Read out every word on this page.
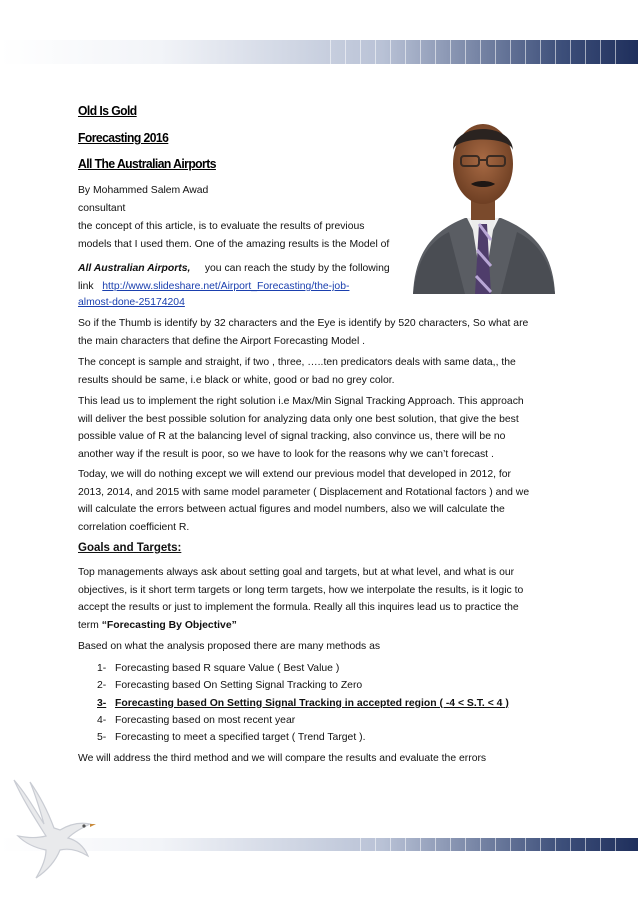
Old Is Gold
Forecasting 2016
All The Australian Airports
By Mohammed Salem Awad
consultant
the concept of this article, is to evaluate the results of previous
models that I used them. One of the amazing results is the Model of
All Australian Airports, you can reach the study by the following
link http://www.slideshare.net/Airport_Forecasting/the-job-
almost-done-25174204
So if the Thumb is identify by 32 characters and the Eye is identify by 520 characters, So what are
the main characters that define the Airport Forecasting Model .
The concept is sample and straight, if two , three, …..ten predicators deals with same data,, the
results should be same, i.e black or white, good or bad no grey color.
This lead us to implement the right solution i.e Max/Min Signal Tracking Approach. This approach
will deliver the best possible solution for analyzing data only one best solution, that give the best
possible value of R at the balancing level of signal tracking, also convince us, there will be no
another way if the result is poor, so we have to look for the reasons why we can’t forecast .
Today, we will do nothing except we will extend our previous model that developed in 2012, for
2013, 2014, and 2015 with same model parameter ( Displacement and Rotational factors ) and we
will calculate the errors between actual figures and model numbers, also we will calculate the
correlation coefficient R.
Goals and Targets:
Top managements always ask about setting goal and targets, but at what level, and what is our
objectives, is it short term targets or long term targets, how we interpolate the results, is it logic to
accept the results or just to implement the formula. Really all this inquires lead us to practice the
term “Forecasting By Objective”
Based on what the analysis proposed there are many methods as
1- Forecasting based R square Value ( Best Value )
2- Forecasting based On Setting Signal Tracking to Zero
3- Forecasting based On Setting Signal Tracking in accepted region ( -4 < S.T. < 4 )
4- Forecasting based on most recent year
5- Forecasting to meet a specified target ( Trend Target ).
We will address the third method and we will compare the results and evaluate the errors
